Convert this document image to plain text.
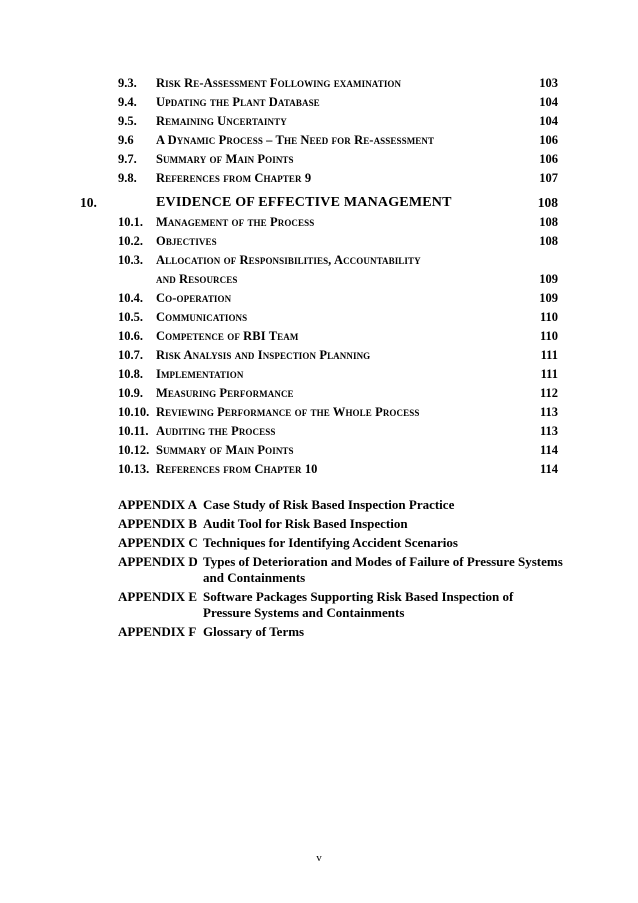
9.3. Risk Re-Assessment Following examination	103
9.4. Updating the Plant Database	104
9.5. Remaining Uncertainty	104
9.6 A Dynamic Process – The Need for Re-assessment	106
9.7. Summary of Main Points	106
9.8. References from Chapter 9	107
10.	EVIDENCE OF EFFECTIVE MANAGEMENT	108
10.1. Management of the Process	108
10.2. Objectives	108
10.3. Allocation of Responsibilities, Accountability
and Resources	109
10.4. Co-operation	109
10.5. Communications	110
10.6. Competence of RBI Team	110
10.7. Risk Analysis and Inspection Planning	111
10.8. Implementation	111
10.9. Measuring Performance	112
10.10. Reviewing Performance of the Whole Process	113
10.11. Auditing the Process	113
10.12. Summary of Main Points	114
10.13. References from Chapter 10	114
APPENDIX A Case Study of Risk Based Inspection Practice
APPENDIX B Audit Tool for Risk Based Inspection
APPENDIX C Techniques for Identifying Accident Scenarios
APPENDIX D Types of Deterioration and Modes of Failure of Pressure Systems and Containments
APPENDIX E Software Packages Supporting Risk Based Inspection of Pressure Systems and Containments
APPENDIX F Glossary of Terms
v
